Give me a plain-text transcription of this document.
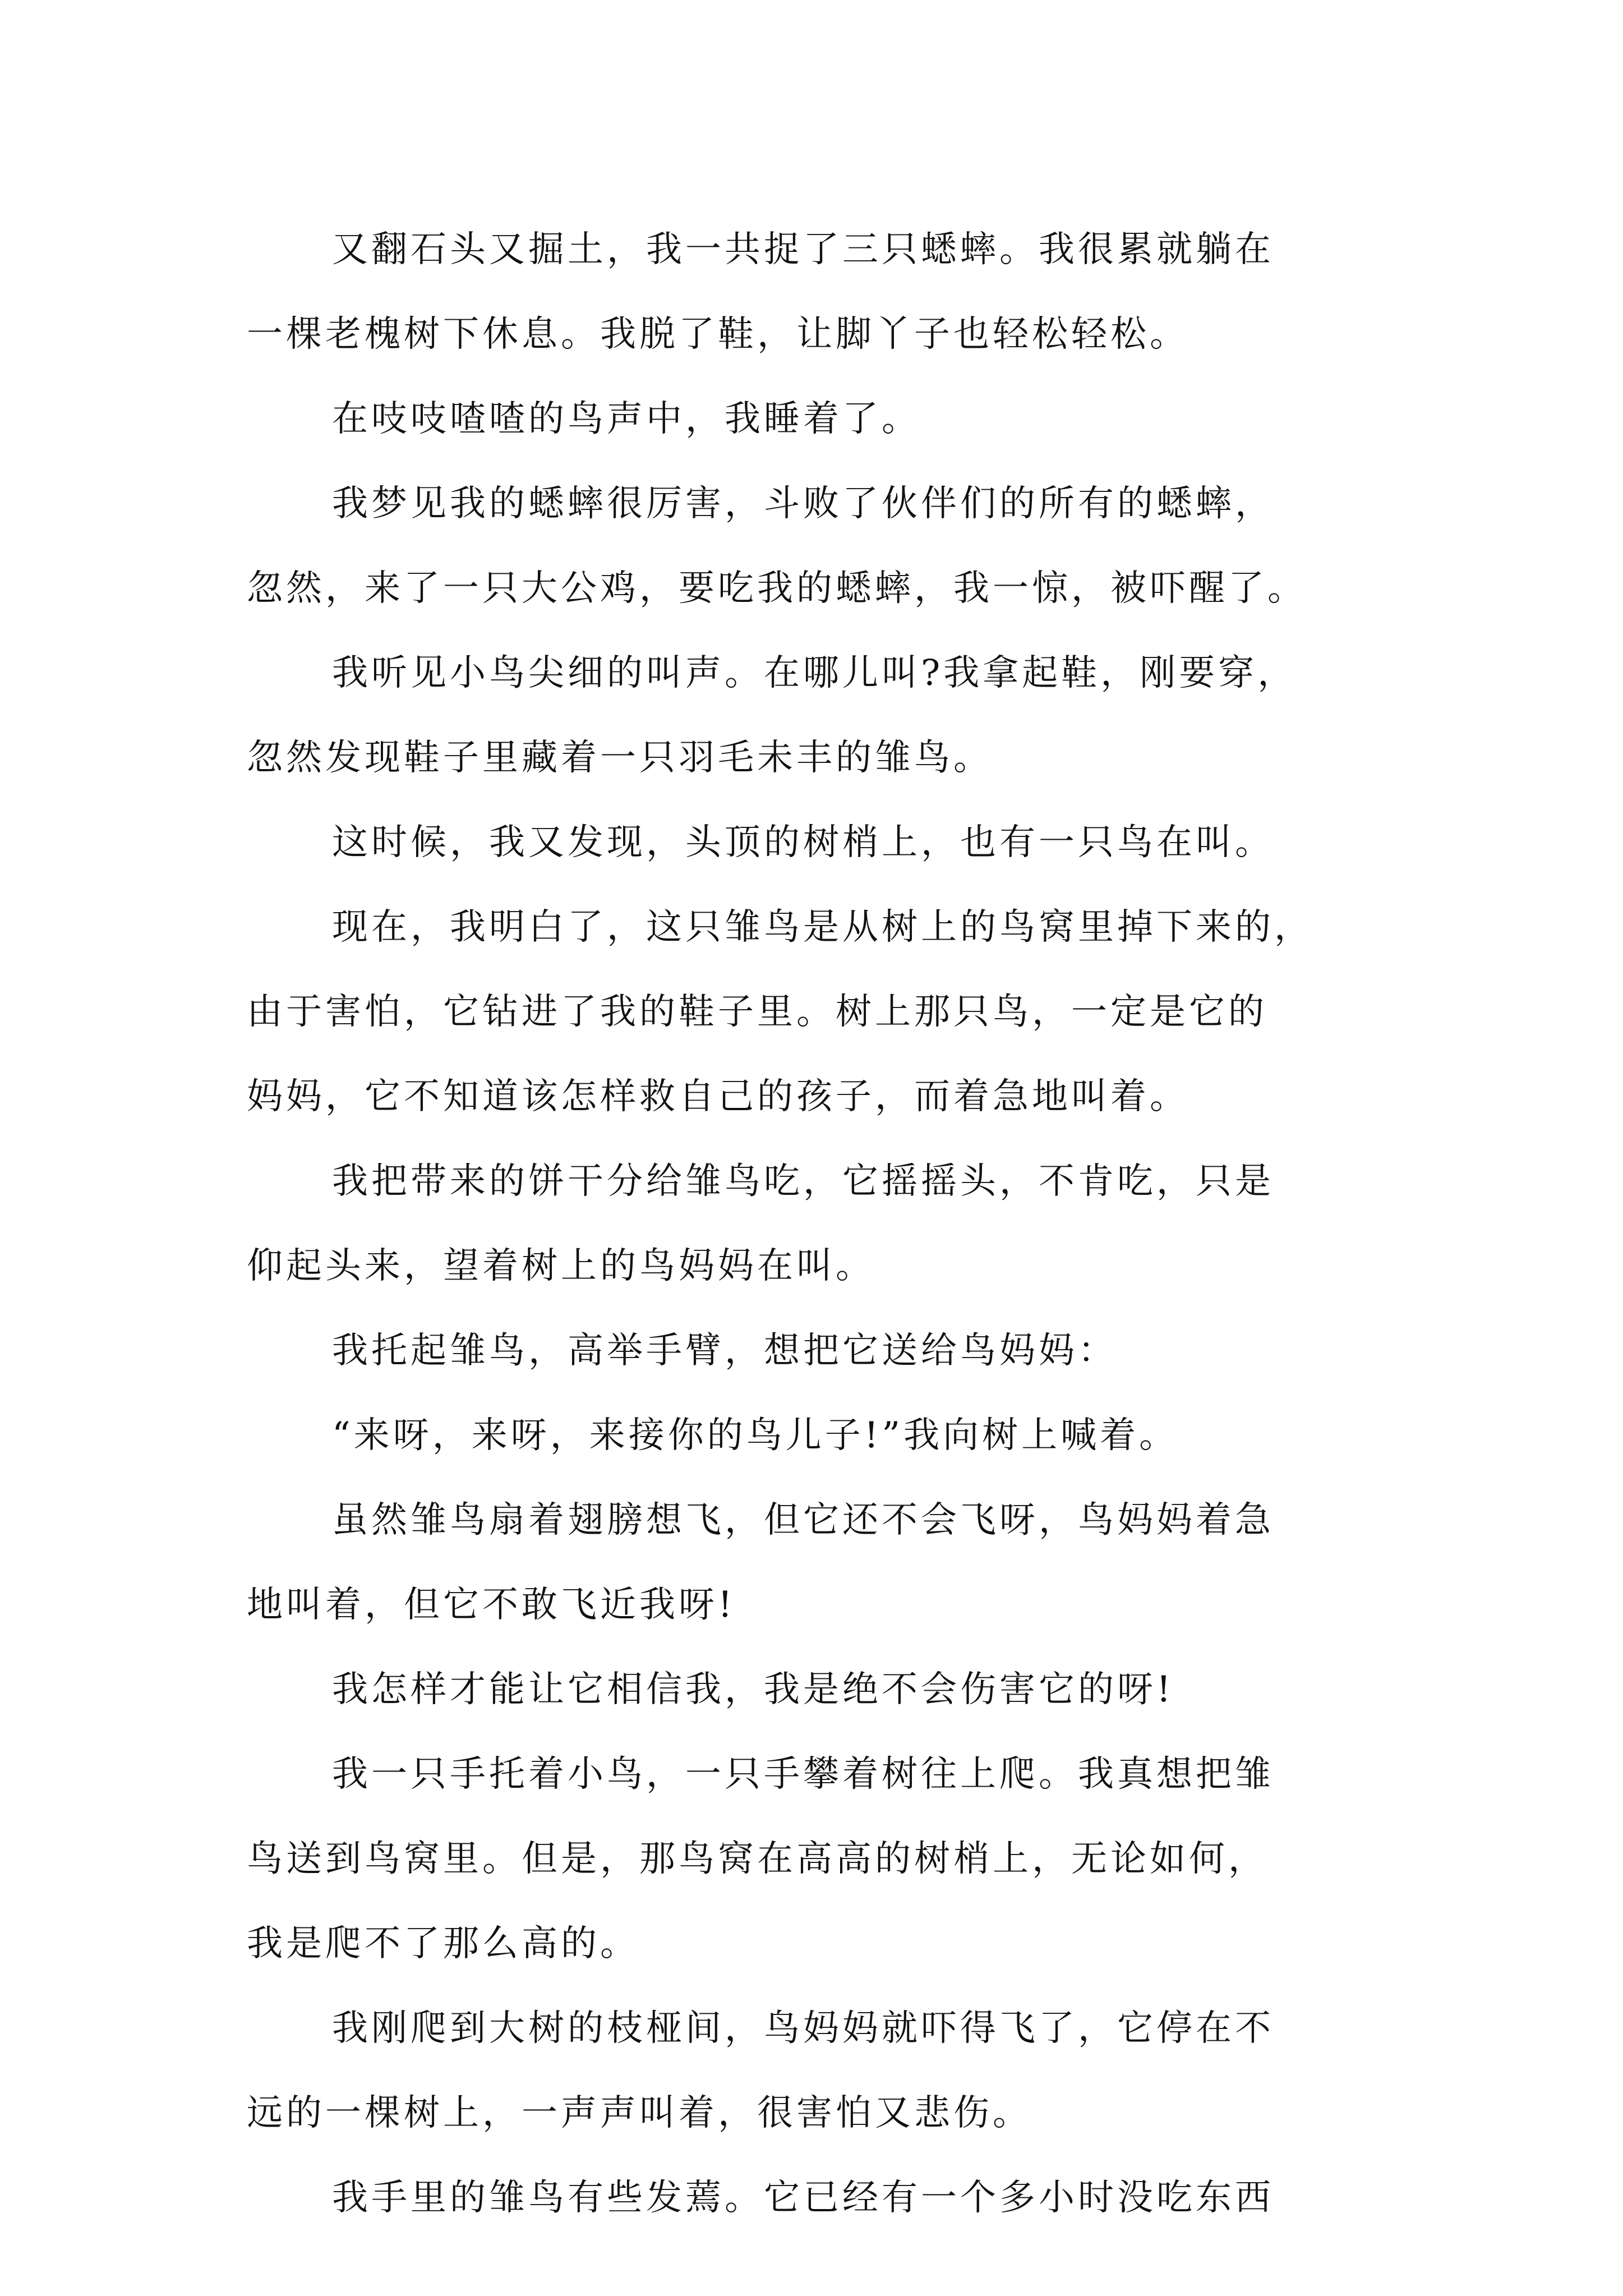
又翻石头又掘土，我一共捉了三只蟋蟀。我很累就躺在
一棵老槐树下休息。我脱了鞋，让脚丫子也轻松轻松。
在吱吱喳喳的鸟声中，我睡着了。
我梦见我的蟋蟀很厉害，斗败了伙伴们的所有的蟋蟀，
忽然，来了一只大公鸡，要吃我的蟋蟀，我一惊，被吓醒了。
我听见小鸟尖细的叫声。在哪儿叫?我拿起鞋，刚要穿，
忽然发现鞋子里藏着一只羽毛未丰的雏鸟。
这时候，我又发现，头顶的树梢上，也有一只鸟在叫。
现在，我明白了，这只雏鸟是从树上的鸟窝里掉下来的，
由于害怕，它钻进了我的鞋子里。树上那只鸟，一定是它的
妈妈，它不知道该怎样救自己的孩子，而着急地叫着。
我把带来的饼干分给雏鸟吃，它摇摇头，不肯吃，只是
仰起头来，望着树上的鸟妈妈在叫。
我托起雏鸟，高举手臂，想把它送给鸟妈妈：
“来呀，来呀，来接你的鸟儿子!”我向树上喊着。
虽然雏鸟扇着翅膀想飞，但它还不会飞呀，鸟妈妈着急
地叫着，但它不敢飞近我呀!
我怎样才能让它相信我，我是绝不会伤害它的呀!
我一只手托着小鸟，一只手攀着树往上爬。我真想把雏
鸟送到鸟窝里。但是，那鸟窝在高高的树梢上，无论如何，
我是爬不了那么高的。
我刚爬到大树的枝桠间，鸟妈妈就吓得飞了，它停在不
远的一棵树上，一声声叫着，很害怕又悲伤。
我手里的雏鸟有些发蔫。它已经有一个多小时没吃东西
